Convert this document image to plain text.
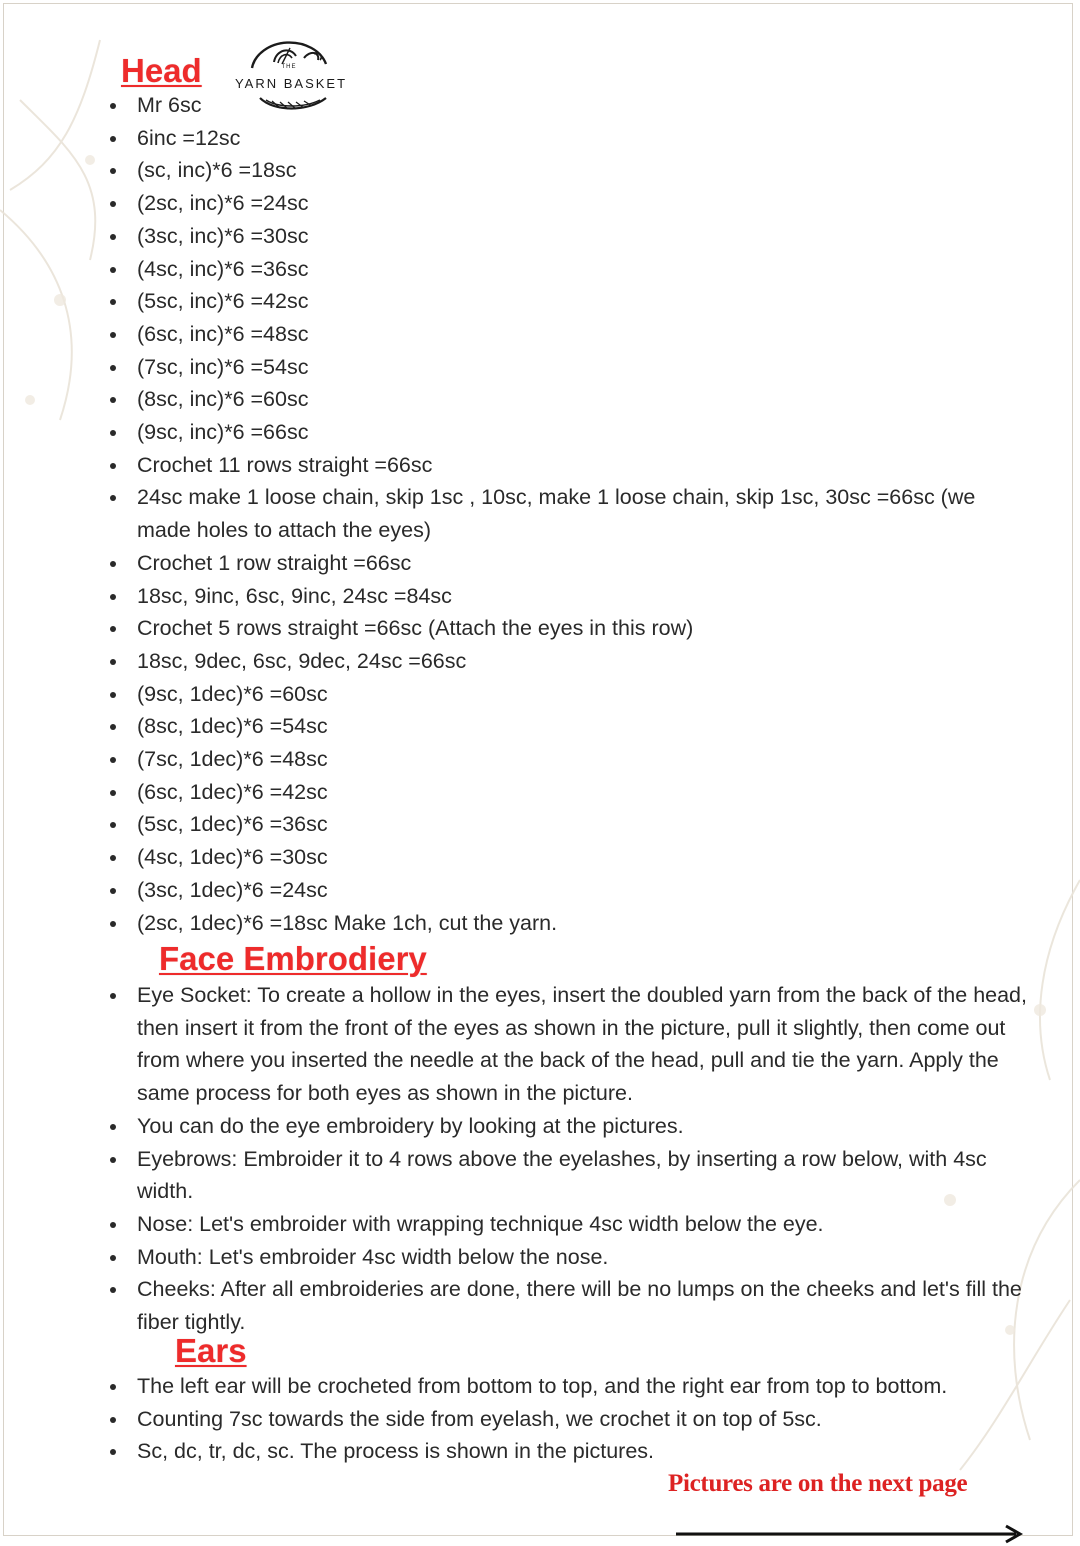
Head	THE
YARN BASKET
Mr 6sc
6inc =12sc
(sc, inc)*6 =18sc
(2sc, inc)*6 =24sc
(3sc, inc)*6 =30sc
(4sc, inc)*6 =36sc
(5sc, inc)*6 =42sc
(6sc, inc)*6 =48sc
(7sc, inc)*6 =54sc
(8sc, inc)*6 =60sc
(9sc, inc)*6 =66sc
Crochet 11 rows straight =66sc
24sc make 1 loose chain, skip 1sc , 10sc, make 1 loose chain, skip 1sc, 30sc =66sc (we made holes to attach the eyes)
Crochet 1 row straight =66sc
18sc, 9inc, 6sc, 9inc, 24sc =84sc
Crochet 5 rows straight =66sc (Attach the eyes in this row)
18sc, 9dec, 6sc, 9dec, 24sc =66sc
(9sc, 1dec)*6 =60sc
(8sc, 1dec)*6 =54sc
(7sc, 1dec)*6 =48sc
(6sc, 1dec)*6 =42sc
(5sc, 1dec)*6 =36sc
(4sc, 1dec)*6 =30sc
(3sc, 1dec)*6 =24sc
(2sc, 1dec)*6 =18sc Make 1ch, cut the yarn.
Face Embrodiery
Eye Socket: To create a hollow in the eyes, insert the doubled yarn from the back of the head, then insert it from the front of the eyes as shown in the picture, pull it slightly, then come out from where you inserted the needle at the back of the head, pull and tie the yarn. Apply the same process for both eyes as shown in the picture.
You can do the eye embroidery by looking at the pictures.
Eyebrows: Embroider it to 4 rows above the eyelashes, by inserting a row below, with 4sc width.
Nose: Let's embroider with wrapping technique 4sc width below the eye.
Mouth: Let's embroider 4sc width below the nose.
Cheeks: After all embroideries are done, there will be no lumps on the cheeks and let's fill the fiber tightly.
Ears
The left ear will be crocheted from bottom to top, and the right ear from top to bottom.
Counting 7sc towards the side from eyelash, we crochet it on top of 5sc.
Sc, dc, tr, dc, sc. The process is shown in the pictures.

Pictures are on the next page
